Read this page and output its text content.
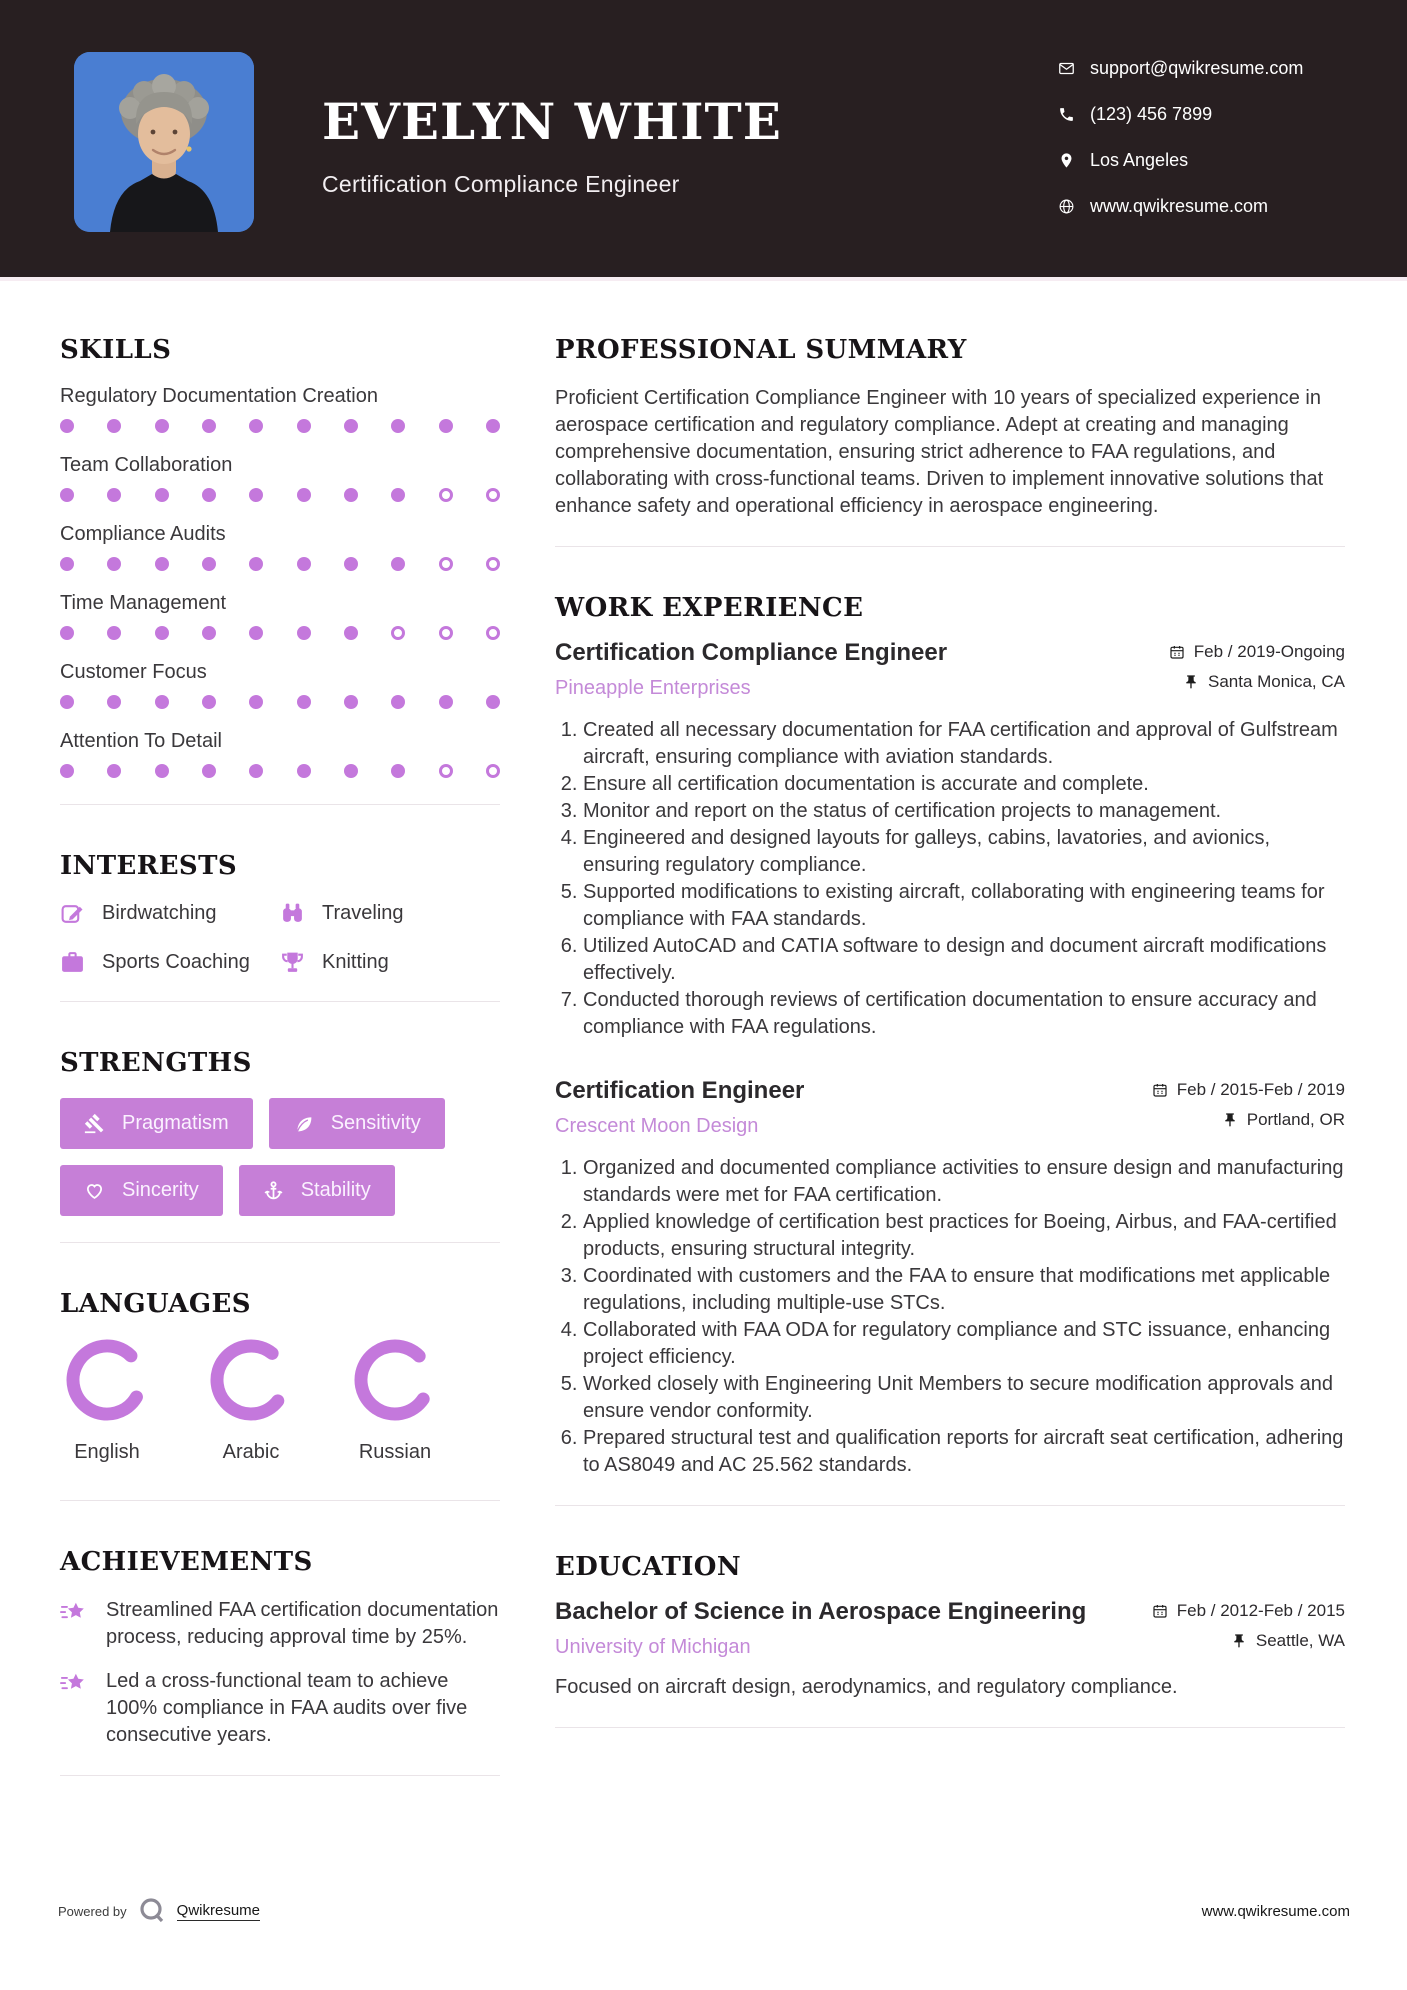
EVELYN WHITE
Certification Compliance Engineer
support@qwikresume.com
(123) 456 7899
Los Angeles
www.qwikresume.com
SKILLS
Regulatory Documentation Creation
Team Collaboration
Compliance Audits
Time Management
Customer Focus
Attention To Detail
INTERESTS
Birdwatching	Traveling
Sports Coaching	Knitting
STRENGTHS
Pragmatism	Sensitivity
Sincerity	Stability
LANGUAGES
English	Arabic	Russian
ACHIEVEMENTS
Streamlined FAA certification documentation process, reducing approval time by 25%.
Led a cross-functional team to achieve 100% compliance in FAA audits over five consecutive years.
PROFESSIONAL SUMMARY

Proficient Certification Compliance Engineer with 10 years of specialized experience in aerospace certification and regulatory compliance. Adept at creating and managing comprehensive documentation, ensuring strict adherence to FAA regulations, and collaborating with cross-functional teams. Driven to implement innovative solutions that enhance safety and operational efficiency in aerospace engineering.

WORK EXPERIENCE
Certification Compliance Engineer
Pineapple Enterprises
Feb / 2019-Ongoing
Santa Monica, CA
1. Created all necessary documentation for FAA certification and approval of Gulfstream aircraft, ensuring compliance with aviation standards.
2. Ensure all certification documentation is accurate and complete.
3. Monitor and report on the status of certification projects to management.
4. Engineered and designed layouts for galleys, cabins, lavatories, and avionics, ensuring regulatory compliance.
5. Supported modifications to existing aircraft, collaborating with engineering teams for compliance with FAA standards.
6. Utilized AutoCAD and CATIA software to design and document aircraft modifications effectively.
7. Conducted thorough reviews of certification documentation to ensure accuracy and compliance with FAA regulations.
Certification Engineer
Crescent Moon Design
Feb / 2015-Feb / 2019
Portland, OR
1. Organized and documented compliance activities to ensure design and manufacturing standards were met for FAA certification.
2. Applied knowledge of certification best practices for Boeing, Airbus, and FAA-certified products, ensuring structural integrity.
3. Coordinated with customers and the FAA to ensure that modifications met applicable regulations, including multiple-use STCs.
4. Collaborated with FAA ODA for regulatory compliance and STC issuance, enhancing project efficiency.
5. Worked closely with Engineering Unit Members to secure modification approvals and ensure vendor conformity.
6. Prepared structural test and qualification reports for aircraft seat certification, adhering to AS8049 and AC 25.562 standards.
EDUCATION
Bachelor of Science in Aerospace Engineering
University of Michigan
Feb / 2012-Feb / 2015
Seattle, WA
Focused on aircraft design, aerodynamics, and regulatory compliance.
Powered by	Qwikresume	www.qwikresume.com
